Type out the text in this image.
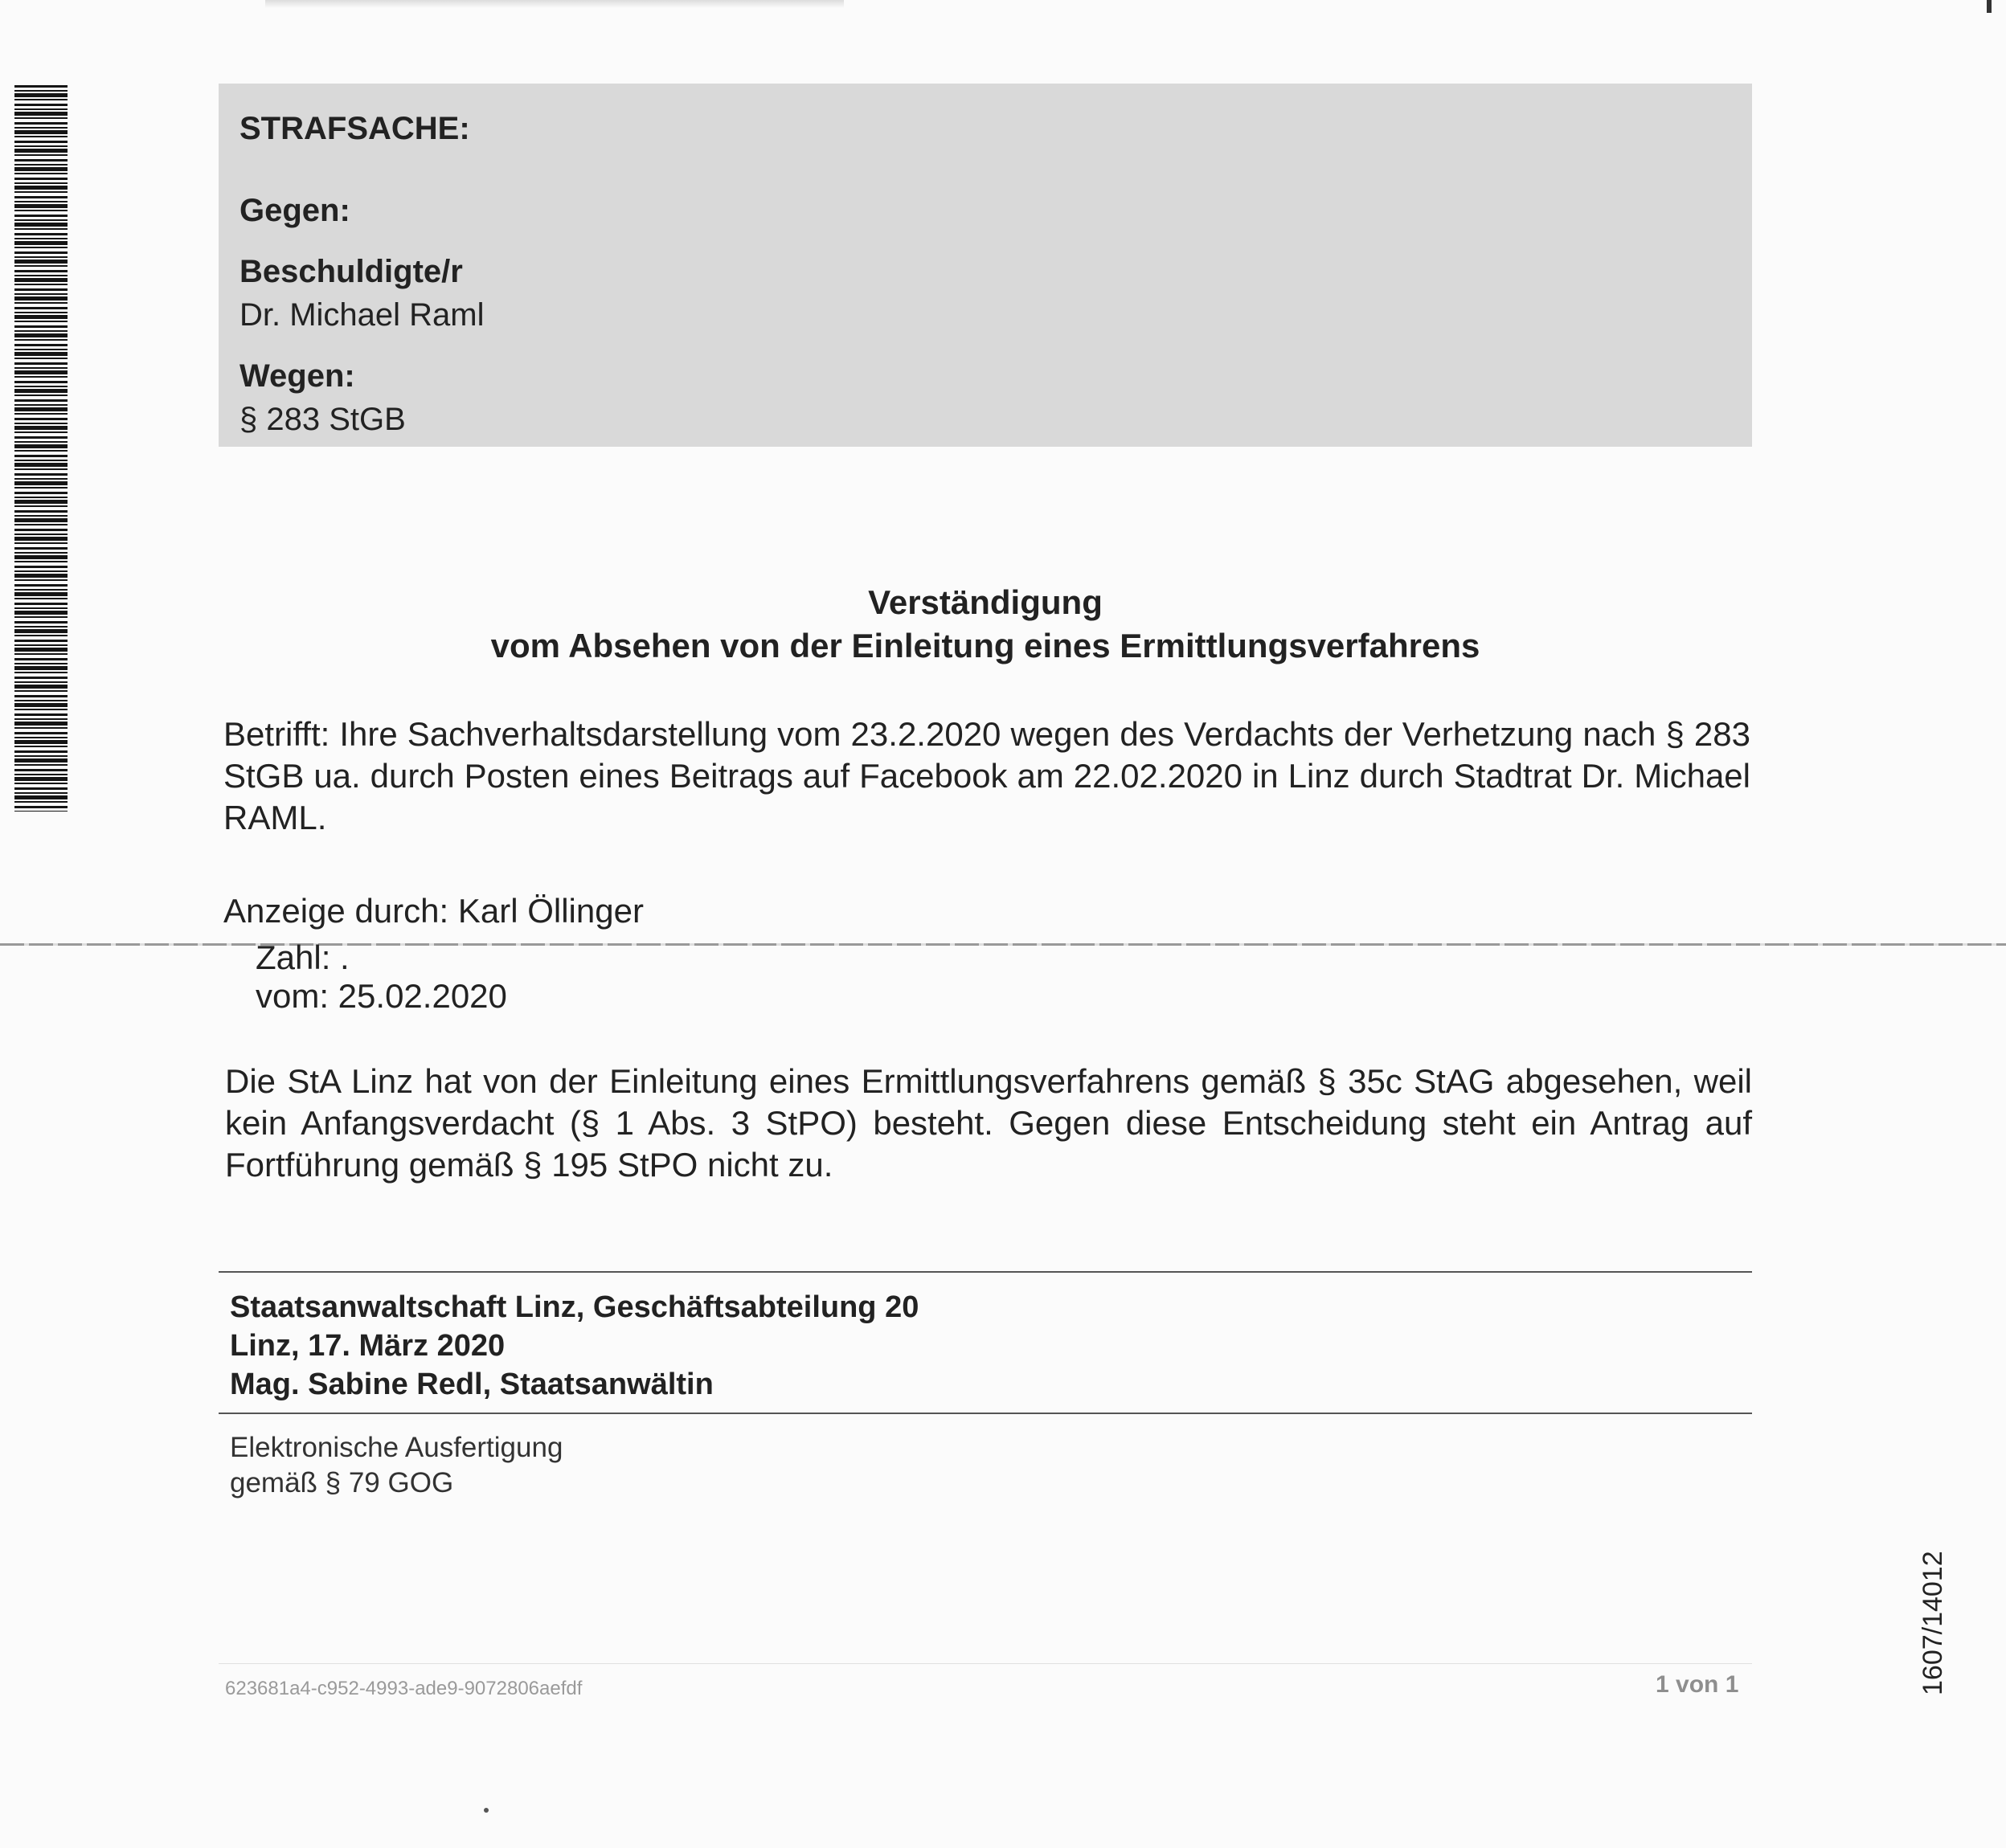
STRAFSACHE:
Gegen:
Beschuldigte/r
Dr. Michael Raml
Wegen:
§ 283 StGB
Verständigung
vom Absehen von der Einleitung eines Ermittlungsverfahrens
Betrifft: Ihre Sachverhaltsdarstellung vom 23.2.2020 wegen des Verdachts der Verhetzung nach § 283 StGB ua. durch Posten eines Beitrags auf Facebook am 22.02.2020 in Linz durch Stadtrat Dr. Michael RAML.
Anzeige durch: Karl Öllinger
Zahl: .
vom: 25.02.2020
Die StA Linz hat von der Einleitung eines Ermittlungsverfahrens gemäß § 35c StAG abgesehen, weil kein Anfangsverdacht (§ 1 Abs. 3 StPO) besteht. Gegen diese Entscheidung steht ein Antrag auf Fortführung gemäß § 195 StPO nicht zu.
Staatsanwaltschaft Linz, Geschäftsabteilung 20
Linz, 17. März 2020
Mag. Sabine Redl, Staatsanwältin
Elektronische Ausfertigung
gemäß § 79 GOG
623681a4-c952-4993-ade9-9072806aefdf	1 von 1	1607/14012
